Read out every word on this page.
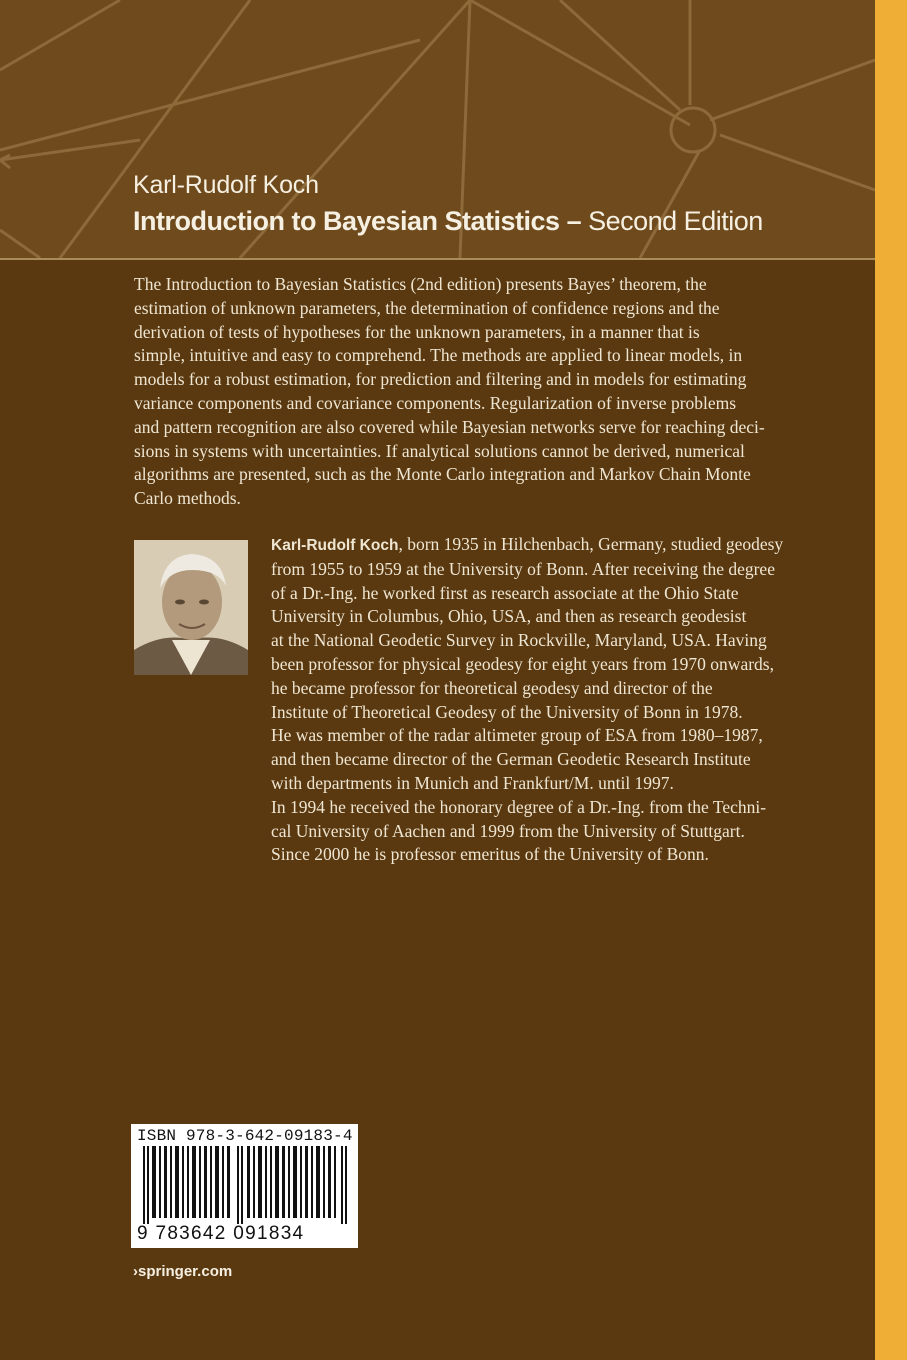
Karl-Rudolf Koch
Introduction to Bayesian Statistics – Second Edition

The Introduction to Bayesian Statistics (2nd edition) presents Bayes’ theorem, the
estimation of unknown parameters, the determination of confidence regions and the
derivation of tests of hypotheses for the unknown parameters, in a manner that is
simple, intuitive and easy to comprehend. The methods are applied to linear models, in
models for a robust estimation, for prediction and filtering and in models for estimating
variance components and covariance components. Regularization of inverse problems
and pattern recognition are also covered while Bayesian networks serve for reaching deci-
sions in systems with uncertainties. If analytical solutions cannot be derived, numerical
algorithms are presented, such as the Monte Carlo integration and Markov Chain Monte
Carlo methods.

Karl-Rudolf Koch, born 1935 in Hilchenbach, Germany, studied geodesy
from 1955 to 1959 at the University of Bonn. After receiving the degree
of a Dr.-Ing. he worked first as research associate at the Ohio State
University in Columbus, Ohio, USA, and then as research geodesist
at the National Geodetic Survey in Rockville, Maryland, USA. Having
been professor for physical geodesy for eight years from 1970 onwards,
he became professor for theoretical geodesy and director of the
Institute of Theoretical Geodesy of the University of Bonn in 1978.
He was member of the radar altimeter group of ESA from 1980–1987,
and then became director of the German Geodetic Research Institute
with departments in Munich and Frankfurt/M. until 1997.
In 1994 he received the honorary degree of a Dr.-Ing. from the Techni-
cal University of Aachen and 1999 from the University of Stuttgart.
Since 2000 he is professor emeritus of the University of Bonn.

ISBN 978-3-642-09183-4
9 783642 091834
›springer.com
